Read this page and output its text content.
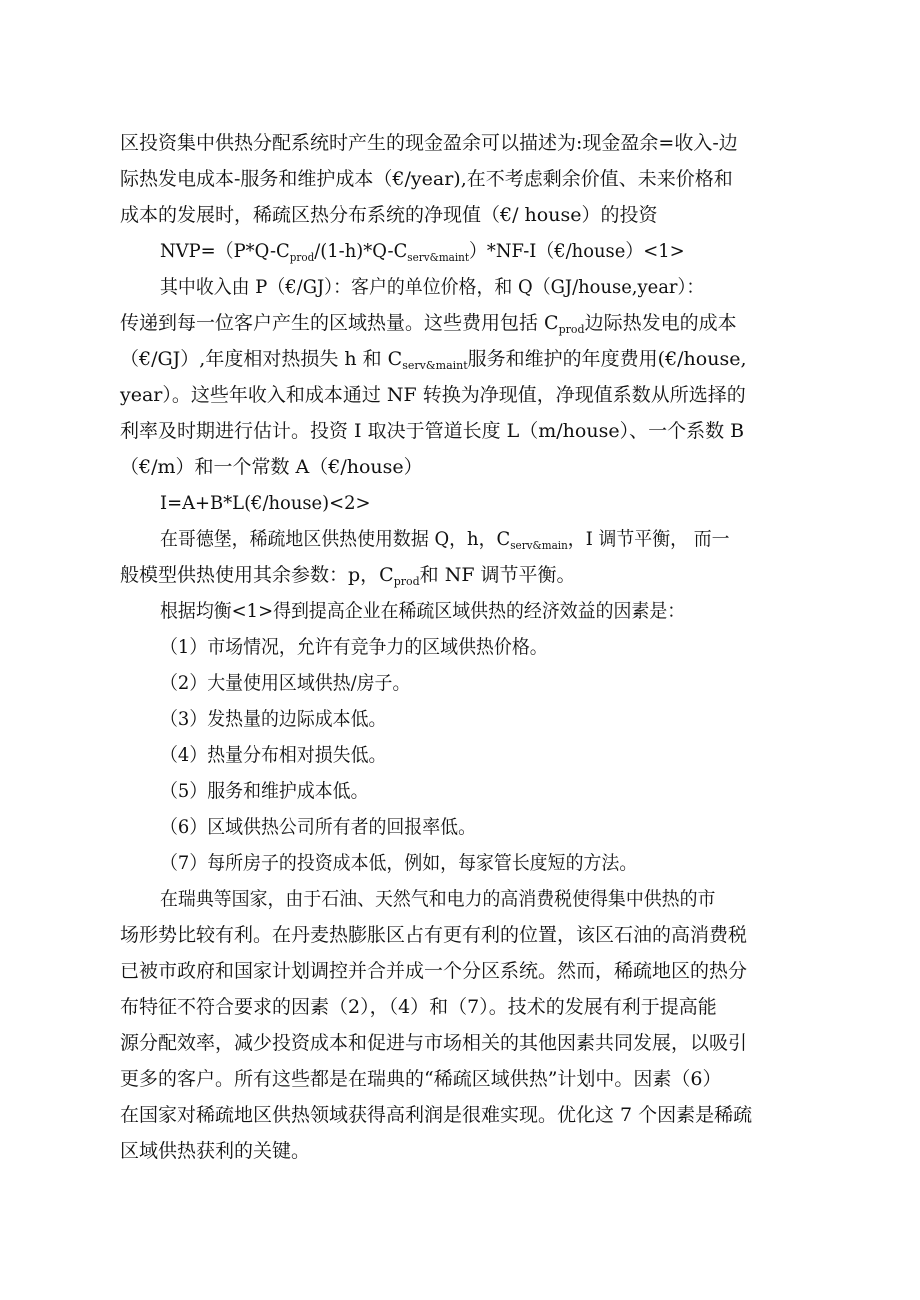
区投资集中供热分配系统时产生的现金盈余可以描述为:现金盈余=收入-边
际热发电成本-服务和维护成本（€/year),在不考虑剩余价值、未来价格和
成本的发展时，稀疏区热分布系统的净现值（€/ house）的投资
$NVP=(P*Q-C_{prod}/(1-h)*Q-C_{serv\&maint})*NF-I(€/house)<1>$
其中收入由 P（€/GJ）：客户的单位价格，和 Q（GJ/house,year）：
传递到每一位客户产生的区域热量。这些费用包括 $C_{prod}$边际热发电的成本
（€/GJ）,年度相对热损失 h 和 $C_{serv\&maint}$服务和维护的年度费用(€/house,
year）。这些年收入和成本通过 NF 转换为净现值，净现值系数从所选择的
利率及时期进行估计。投资 I 取决于管道长度 L（m/house）、一个系数 B
（€/m）和一个常数 A（€/house）
I=A+B*L(€/house)<2>
在哥德堡，稀疏地区供热使用数据 Q，h，$C_{serv\&main}$，I 调节平衡， 而一
般模型供热使用其余参数：p，$C_{prod}$和 NF 调节平衡。
根据均衡<1>得到提高企业在稀疏区域供热的经济效益的因素是：
（1）市场情况，允许有竞争力的区域供热价格。
（2）大量使用区域供热/房子。
（3）发热量的边际成本低。
（4）热量分布相对损失低。
（5）服务和维护成本低。
（6）区域供热公司所有者的回报率低。
（7）每所房子的投资成本低，例如，每家管长度短的方法。
在瑞典等国家，由于石油、天然气和电力的高消费税使得集中供热的市
场形势比较有利。在丹麦热膨胀区占有更有利的位置，该区石油的高消费税
已被市政府和国家计划调控并合并成一个分区系统。然而，稀疏地区的热分
布特征不符合要求的因素（2），（4）和（7）。技术的发展有利于提高能
源分配效率，减少投资成本和促进与市场相关的其他因素共同发展，以吸引
更多的客户。所有这些都是在瑞典的“稀疏区域供热”计划中。因素（6）
在国家对稀疏地区供热领域获得高利润是很难实现。优化这 7 个因素是稀疏
区域供热获利的关键。
